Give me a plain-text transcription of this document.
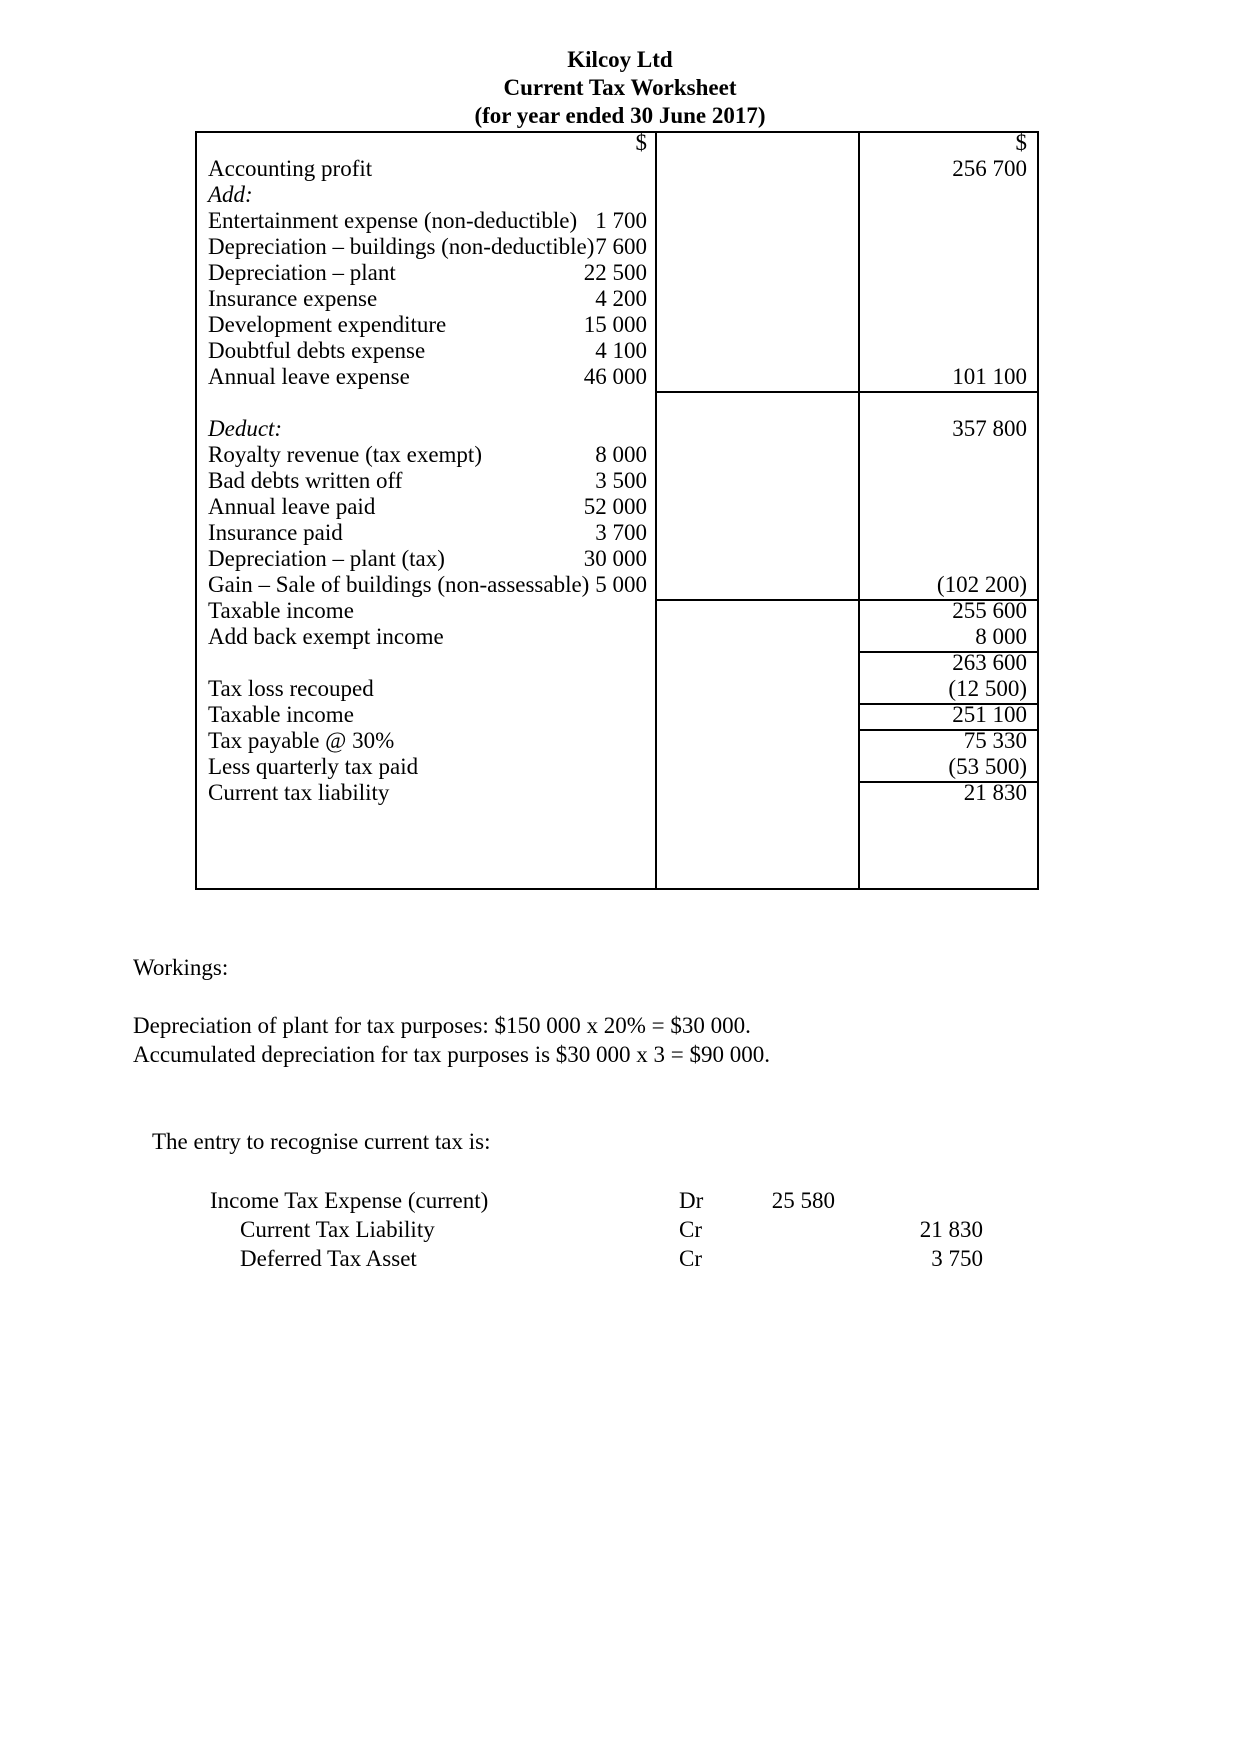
Kilcoy Ltd
Current Tax Worksheet
(for year ended 30 June 2017)
$	$
Accounting profit	256 700
Add:
Entertainment expense (non-deductible) 1 700
Depreciation – buildings (non-deductible) 7 600
Depreciation – plant	22 500
Insurance expense	4 200
Development expenditure	15 000
Doubtful debts expense	4 100
Annual leave expense	46 000	101 100
Deduct:	357 800
Royalty revenue (tax exempt)	8 000
Bad debts written off	3 500
Annual leave paid	52 000
Insurance paid	3 700
Depreciation – plant (tax)	30 000
Gain – Sale of buildings (non-assessable) 5 000	(102 200)
Taxable income	255 600
Add back exempt income	8 000
263 600
Tax loss recouped	(12 500)
Taxable income	251 100
Tax payable @ 30%	75 330
Less quarterly tax paid	(53 500)
Current tax liability	21 830
Workings:
Depreciation of plant for tax purposes: $150 000 x 20% = $30 000.
Accumulated depreciation for tax purposes is $30 000 x 3 = $90 000.
The entry to recognise current tax is:
Income Tax Expense (current)	Dr	25 580
Current Tax Liability	Cr	21 830
Deferred Tax Asset	Cr	3 750
